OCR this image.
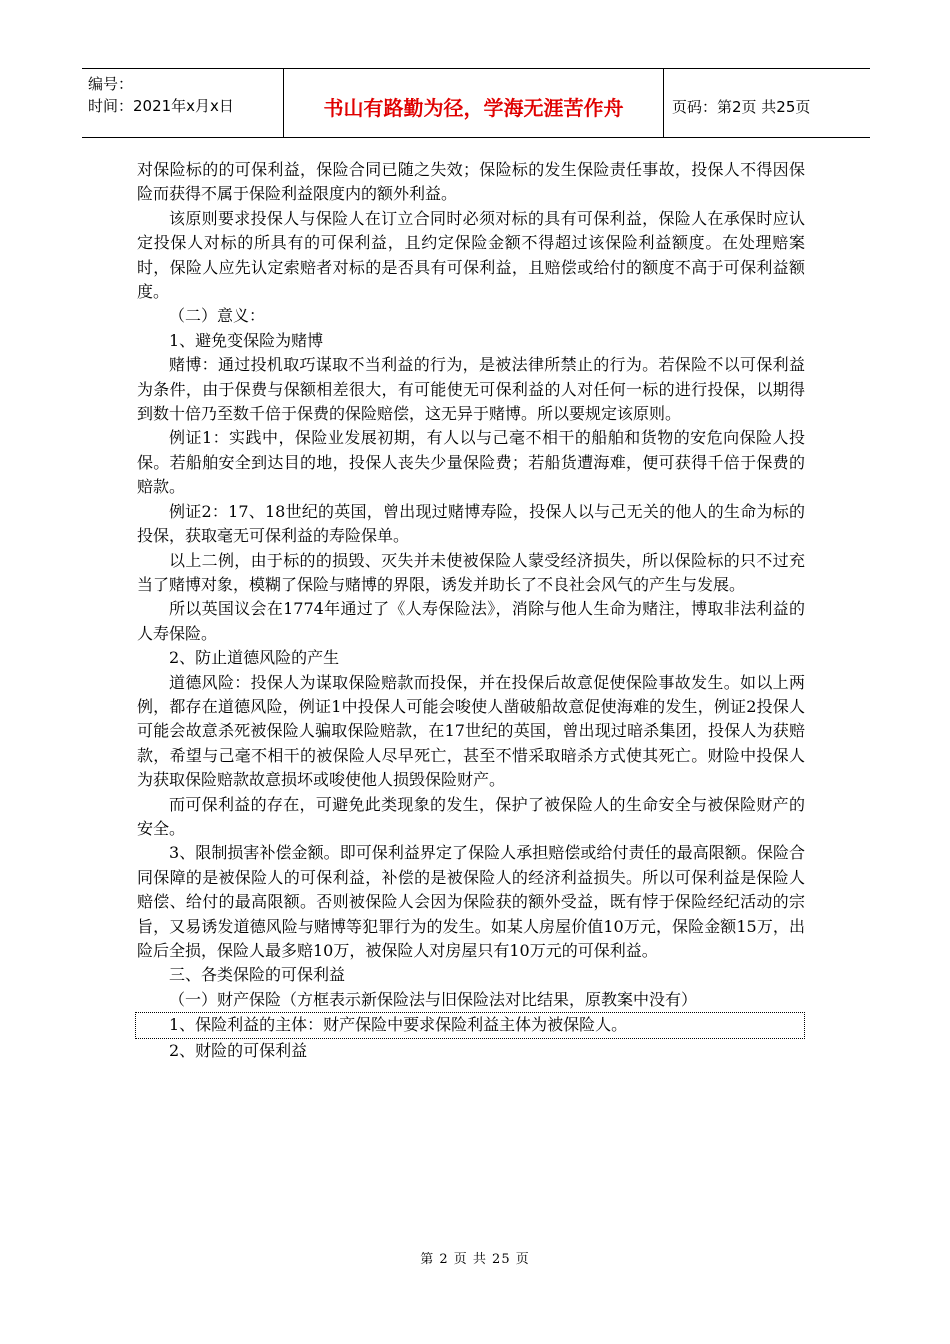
编号：
时间：2021年x月x日	书山有路勤为径，学海无涯苦作舟	页码：第2页 共25页

对保险标的的可保利益，保险合同已随之失效；保险标的发生保险责任事故，投保人不得因保险而获得不属于保险利益限度内的额外利益。

该原则要求投保人与保险人在订立合同时必须对标的具有可保利益，保险人在承保时应认定投保人对标的所具有的可保利益，且约定保险金额不得超过该保险利益额度。在处理赔案时，保险人应先认定索赔者对标的是否具有可保利益，且赔偿或给付的额度不高于可保利益额度。

（二）意义：

1、避免变保险为赌博

赌博：通过投机取巧谋取不当利益的行为，是被法律所禁止的行为。若保险不以可保利益为条件，由于保费与保额相差很大，有可能使无可保利益的人对任何一标的进行投保，以期得到数十倍乃至数千倍于保费的保险赔偿，这无异于赌博。所以要规定该原则。

例证1：实践中，保险业发展初期，有人以与己毫不相干的船舶和货物的安危向保险人投保。若船舶安全到达目的地，投保人丧失少量保险费；若船货遭海难，便可获得千倍于保费的赔款。

例证2：17、18世纪的英国，曾出现过赌博寿险，投保人以与己无关的他人的生命为标的投保，获取毫无可保利益的寿险保单。

以上二例，由于标的的损毁、灭失并未使被保险人蒙受经济损失，所以保险标的只不过充当了赌博对象，模糊了保险与赌博的界限，诱发并助长了不良社会风气的产生与发展。

所以英国议会在1774年通过了《人寿保险法》，消除与他人生命为赌注，博取非法利益的人寿保险。

2、防止道德风险的产生

道德风险：投保人为谋取保险赔款而投保，并在投保后故意促使保险事故发生。如以上两例，都存在道德风险，例证1中投保人可能会唆使人凿破船故意促使海难的发生，例证2投保人可能会故意杀死被保险人骗取保险赔款，在17世纪的英国，曾出现过暗杀集团，投保人为获赔款，希望与己毫不相干的被保险人尽早死亡，甚至不惜采取暗杀方式使其死亡。财险中投保人为获取保险赔款故意损坏或唆使他人损毁保险财产。

而可保利益的存在，可避免此类现象的发生，保护了被保险人的生命安全与被保险财产的安全。

3、限制损害补偿金额。即可保利益界定了保险人承担赔偿或给付责任的最高限额。保险合同保障的是被保险人的可保利益，补偿的是被保险人的经济利益损失。所以可保利益是保险人赔偿、给付的最高限额。否则被保险人会因为保险获的额外受益，既有悖于保险经纪活动的宗旨，又易诱发道德风险与赌博等犯罪行为的发生。如某人房屋价值10万元，保险金额15万，出险后全损，保险人最多赔10万，被保险人对房屋只有10万元的可保利益。

三、各类保险的可保利益

（一）财产保险（方框表示新保险法与旧保险法对比结果，原教案中没有）

1、保险利益的主体：财产保险中要求保险利益主体为被保险人。

2、财险的可保利益

第 2 页 共 25 页
